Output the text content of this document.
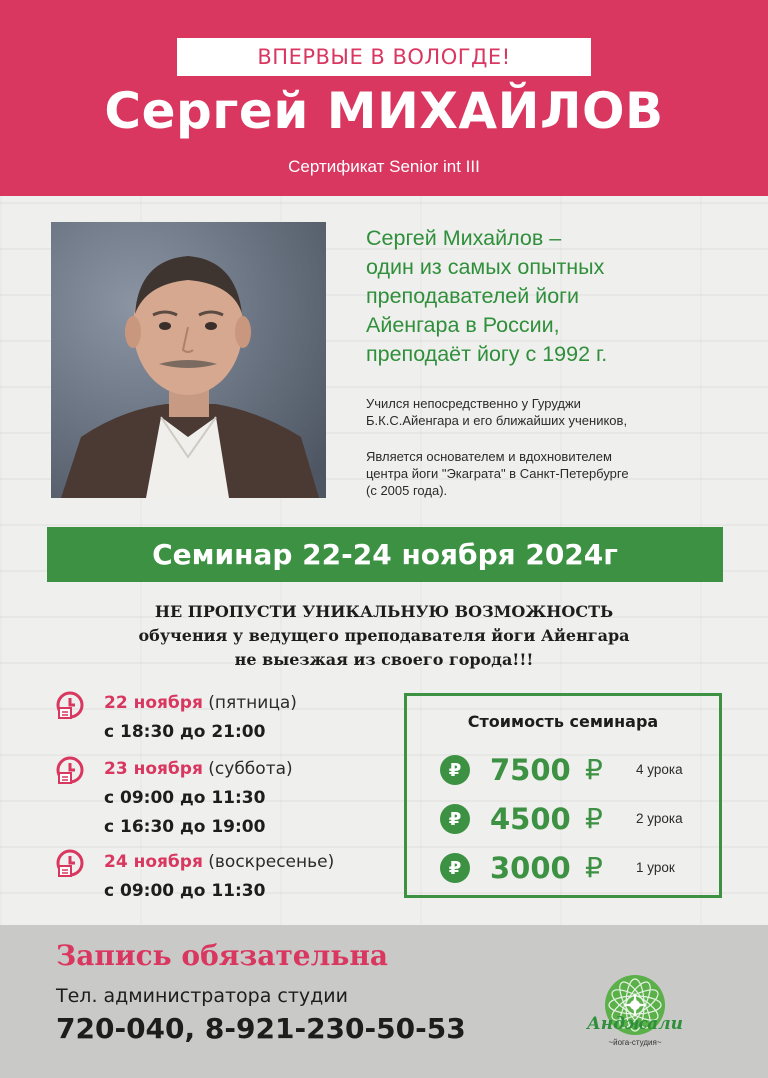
ВПЕРВЫЕ В ВОЛОГДЕ!
Сергей МИХАЙЛОВ
Сертификат Senior int III
Сергей Михайлов –
один из самых опытных
преподавателей йоги
Айенгара в России,
преподаёт йогу с 1992 г.
Учился непосредственно у Гуруджи
Б.К.С.Айенгара и его ближайших учеников,
Является основателем и вдохновителем
центра йоги "Экаграта" в Санкт-Петербурге
(с 2005 года).
Семинар 22-24 ноября 2024г
НЕ ПРОПУСТИ УНИКАЛЬНУЮ ВОЗМОЖНОСТЬ
обучения у ведущего преподавателя йоги Айенгара
не выезжая из своего города!!!
22 ноября (пятница)
с 18:30 до 21:00
23 ноября (суббота)
с 09:00 до 11:30
с 16:30 до 19:00
24 ноября (воскресенье)
с 09:00 до 11:30
Стоимость семинара
₽ 7500 ₽ 4 урока
₽ 4500 ₽ 2 урока
₽ 3000 ₽ 1 урок
Запись обязательна
Тел. администратора студии
720-040, 8-921-230-50-53	Анджали
~йога-студия~
